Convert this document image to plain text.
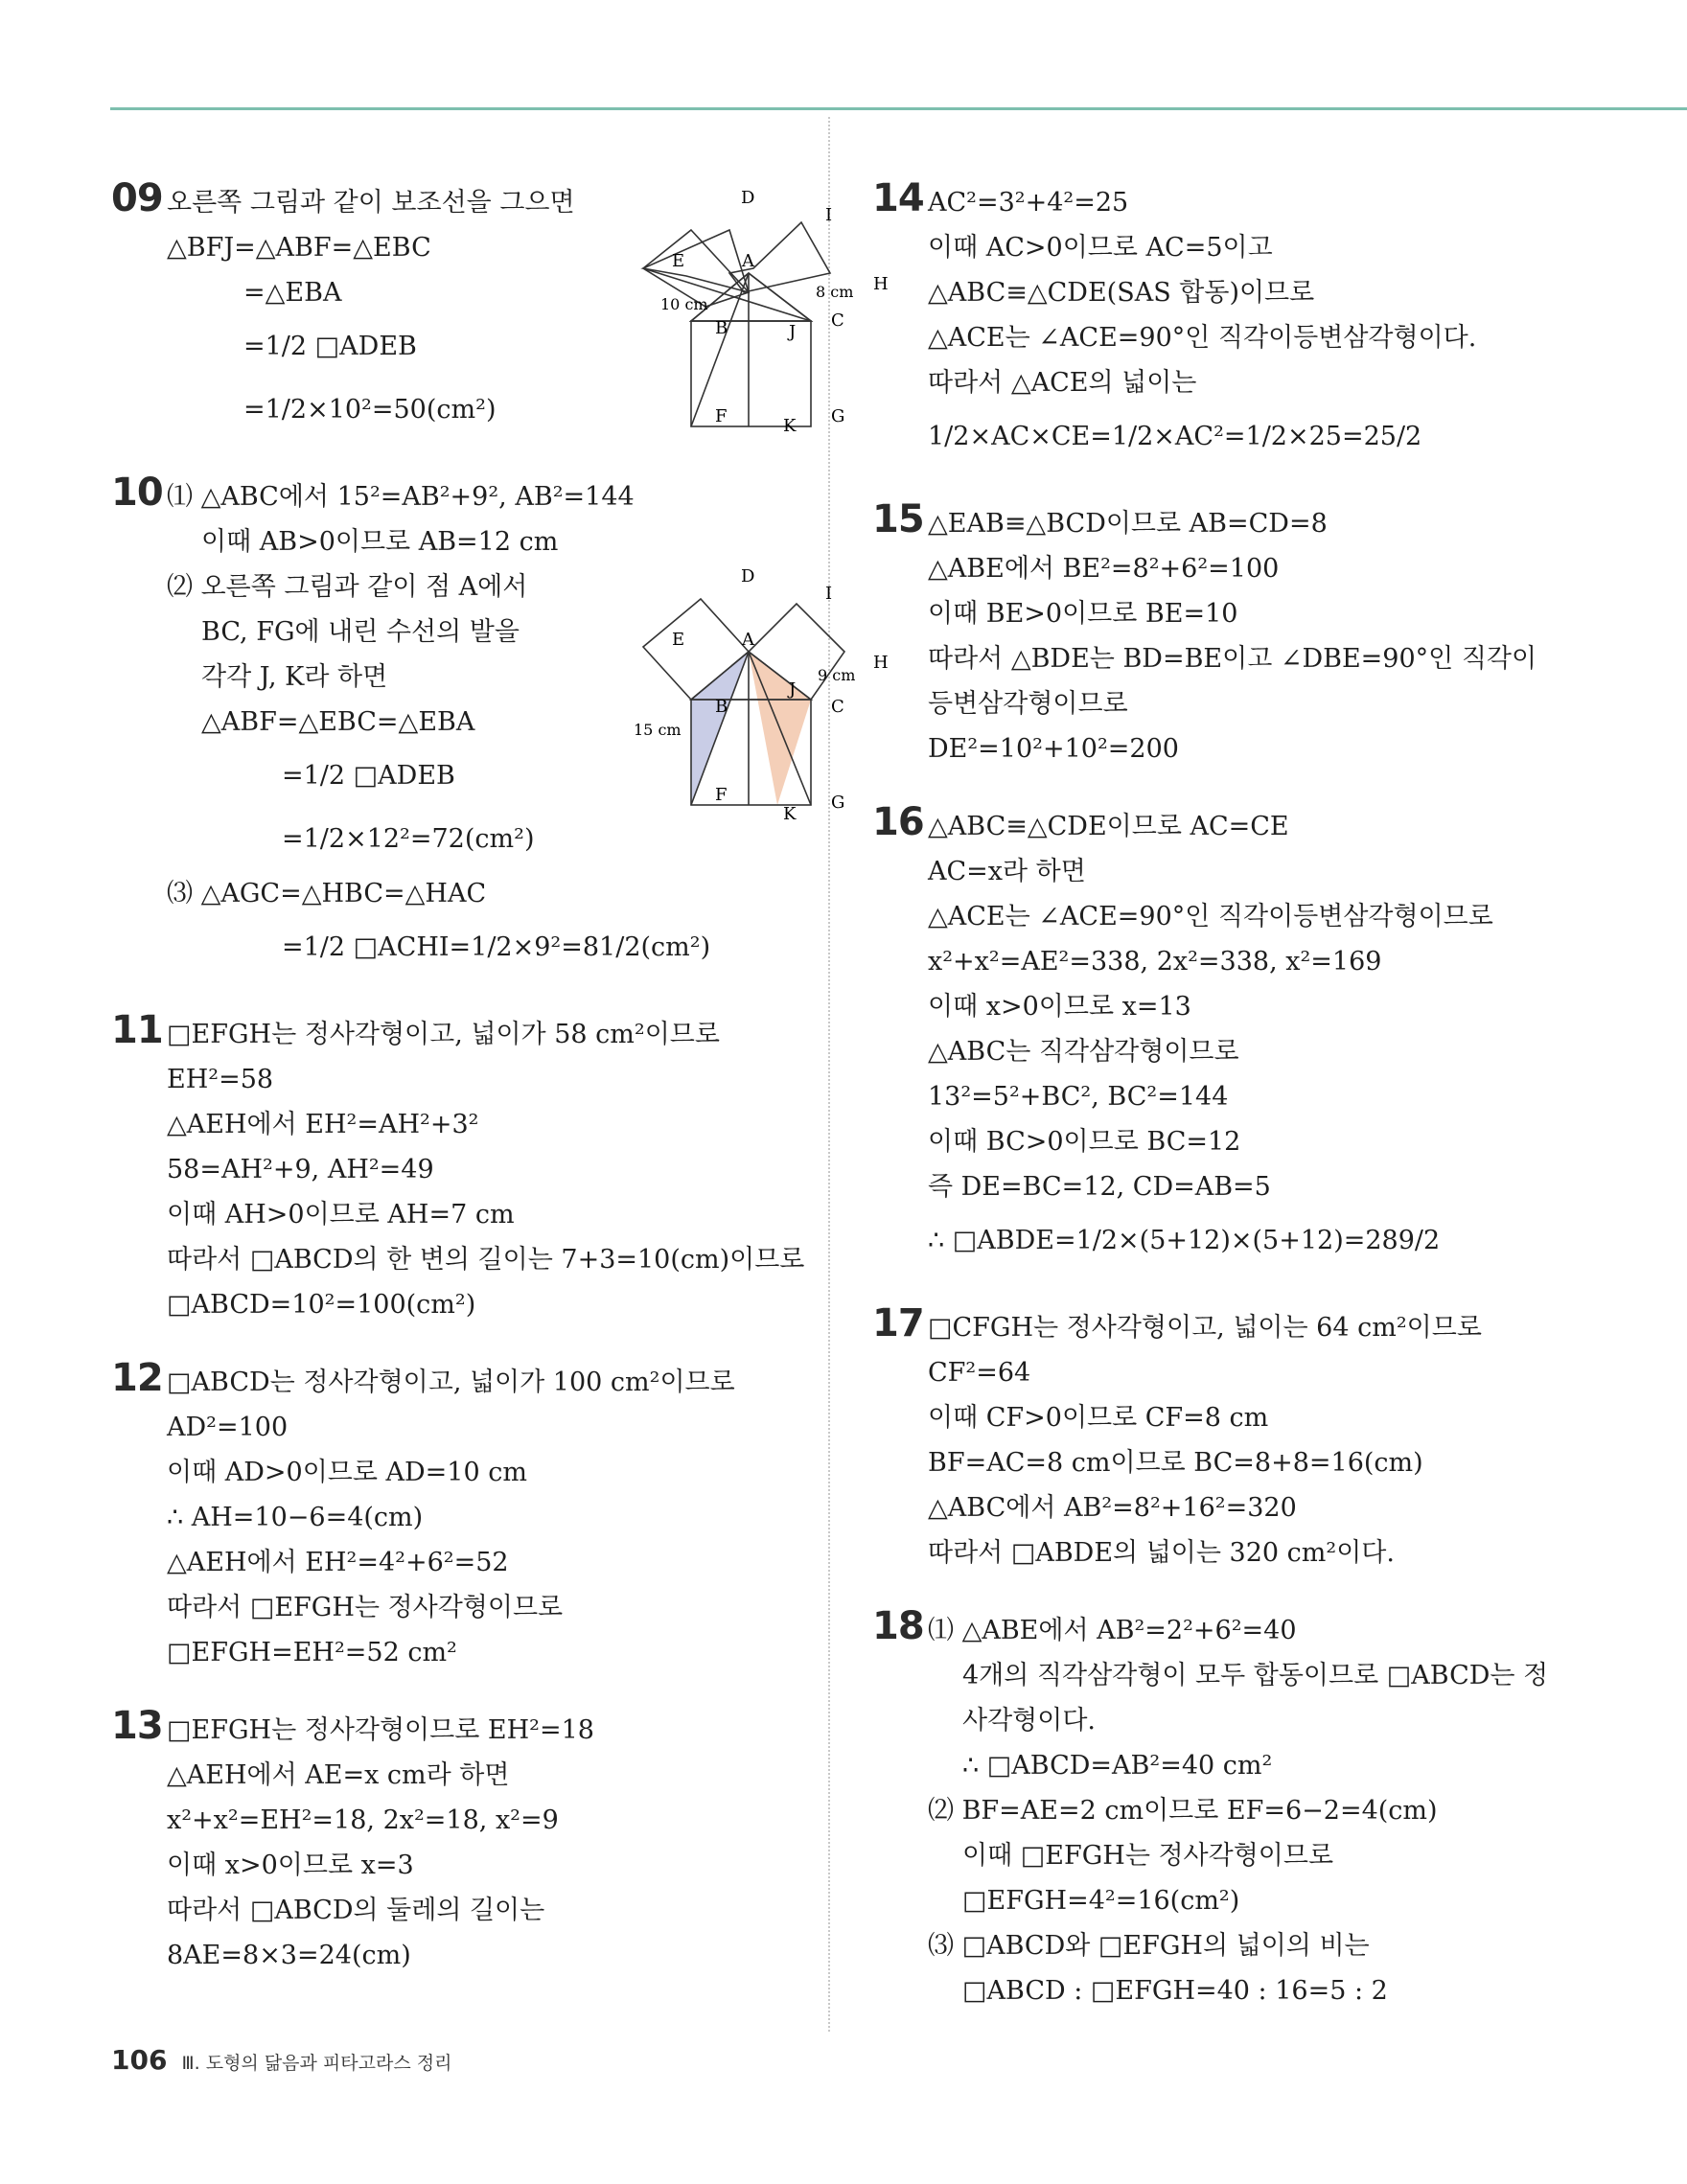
09 오른쪽 그림과 같이 보조선을 그으면
△BFJ=△ABF=△EBC
=△EBA
=1/2 □ADEB
=1/2×10²=50(cm²)
D
I
E	A
H
B	C
J
F	K G
10 cm
8 cm
10 ⑴ △ABC에서 15²=AB²+9², AB²=144
이때 AB>0이므로 AB=12 cm
⑵ 오른쪽 그림과 같이 점 A에서
BC, FG에 내린 수선의 발을
각각 J, K라 하면
△ABF=△EBC=△EBA
=1/2 □ADEB
=1/2×12²=72(cm²)
⑶ △AGC=△HBC=△HAC
=1/2 □ACHI=1/2×9²=81/2(cm²)
D
I
E	A
H
B	C
J
F
K
G
15 cm
9 cm
11 □EFGH는 정사각형이고, 넓이가 58 cm²이므로
EH²=58
△AEH에서 EH²=AH²+3²
58=AH²+9, AH²=49
이때 AH>0이므로 AH=7 cm
따라서 □ABCD의 한 변의 길이는 7+3=10(cm)이므로
□ABCD=10²=100(cm²)
12 □ABCD는 정사각형이고, 넓이가 100 cm²이므로
AD²=100
이때 AD>0이므로 AD=10 cm
∴ AH=10−6=4(cm)
△AEH에서 EH²=4²+6²=52
따라서 □EFGH는 정사각형이므로
□EFGH=EH²=52 cm²
13 □EFGH는 정사각형이므로 EH²=18
△AEH에서 AE=x cm라 하면
x²+x²=EH²=18, 2x²=18, x²=9
이때 x>0이므로 x=3
따라서 □ABCD의 둘레의 길이는
8AE=8×3=24(cm)
14 AC²=3²+4²=25
이때 AC>0이므로 AC=5이고
△ABC≡△CDE(SAS 합동)이므로
△ACE는 ∠ACE=90°인 직각이등변삼각형이다.
따라서 △ACE의 넓이는
1/2×AC×CE=1/2×AC²=1/2×25=25/2
15 △EAB≡△BCD이므로 AB=CD=8
△ABE에서 BE²=8²+6²=100
이때 BE>0이므로 BE=10
따라서 △BDE는 BD=BE이고 ∠DBE=90°인 직각이
등변삼각형이므로
DE²=10²+10²=200
16 △ABC≡△CDE이므로 AC=CE
AC=x라 하면
△ACE는 ∠ACE=90°인 직각이등변삼각형이므로
x²+x²=AE²=338, 2x²=338, x²=169
이때 x>0이므로 x=13
△ABC는 직각삼각형이므로
13²=5²+BC², BC²=144
이때 BC>0이므로 BC=12
즉 DE=BC=12, CD=AB=5
∴ □ABDE=1/2×(5+12)×(5+12)=289/2
17 □CFGH는 정사각형이고, 넓이는 64 cm²이므로
CF²=64
이때 CF>0이므로 CF=8 cm
BF=AC=8 cm이므로 BC=8+8=16(cm)
△ABC에서 AB²=8²+16²=320
따라서 □ABDE의 넓이는 320 cm²이다.
18 ⑴ △ABE에서 AB²=2²+6²=40
4개의 직각삼각형이 모두 합동이므로 □ABCD는 정
사각형이다.
∴ □ABCD=AB²=40 cm²
⑵ BF=AE=2 cm이므로 EF=6−2=4(cm)
이때 □EFGH는 정사각형이므로
□EFGH=4²=16(cm²)
⑶ □ABCD와 □EFGH의 넓이의 비는
□ABCD : □EFGH=40 : 16=5 : 2
106 Ⅲ. 도형의 닮음과 피타고라스 정리
